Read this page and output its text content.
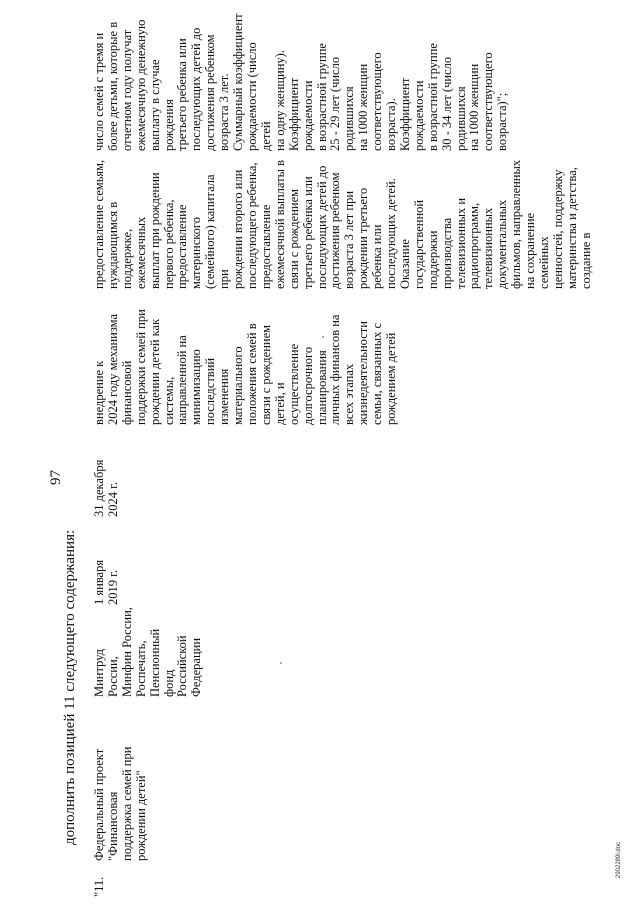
97
дополнить позицией 11 следующего содержания:
"11.
Федеральный проект
"Финансовая
поддержка семей при
рождении детей"
Минтруд России,
Минфин России,
Роспечать,
Пенсионный
фонд Российской
Федерации
1 января
2019 г.
31 декабря
2024 г.
внедрение к
2024 году механизма
финансовой
поддержки семей при
рождении детей как
системы,
направленной на
минимизацию
последствий
изменения
материального
положения семей в
связи с рождением
детей, и
осуществление
долгосрочного
планирования
личных финансов на
всех этапах
жизнедеятельности
семьи, связанных с
рождением детей
предоставление семьям,
нуждающимся в
поддержке, ежемесячных
выплат при рождении
первого ребенка,
предоставление
материнского
(семейного) капитала при
рождении второго или
последующего ребенка,
предоставление
ежемесячной выплаты в
связи с рождением
третьего ребенка или
последующих детей до
достижения ребенком
возраста 3 лет при
рождении третьего
ребенка или
последующих детей.
Оказание
государственной
поддержки производства
телевизионных и
радиопрограмм,
телевизионных
документальных
фильмов, направленных
на сохранение семейных
ценностей, поддержку
материнства и детства,
создание в
число семей с тремя и
более детьми, которые в
отчетном году получат
ежемесячную денежную
выплату в случае рождения
третьего ребенка или
последующих детей до
достижения ребенком
возраста 3 лет.
Суммарный коэффициент
рождаемости (число детей
на одну женщину).
Коэффициент рождаемости
в возрастной группе
25 - 29 лет (число
родившихся
на 1000 женщин
соответствующего
возраста).
Коэффициент рождаемости
в возрастной группе
30 - 34 лет (число
родившихся
на 1000 женщин
соответствующего
возраста)";
2902289l.doc
